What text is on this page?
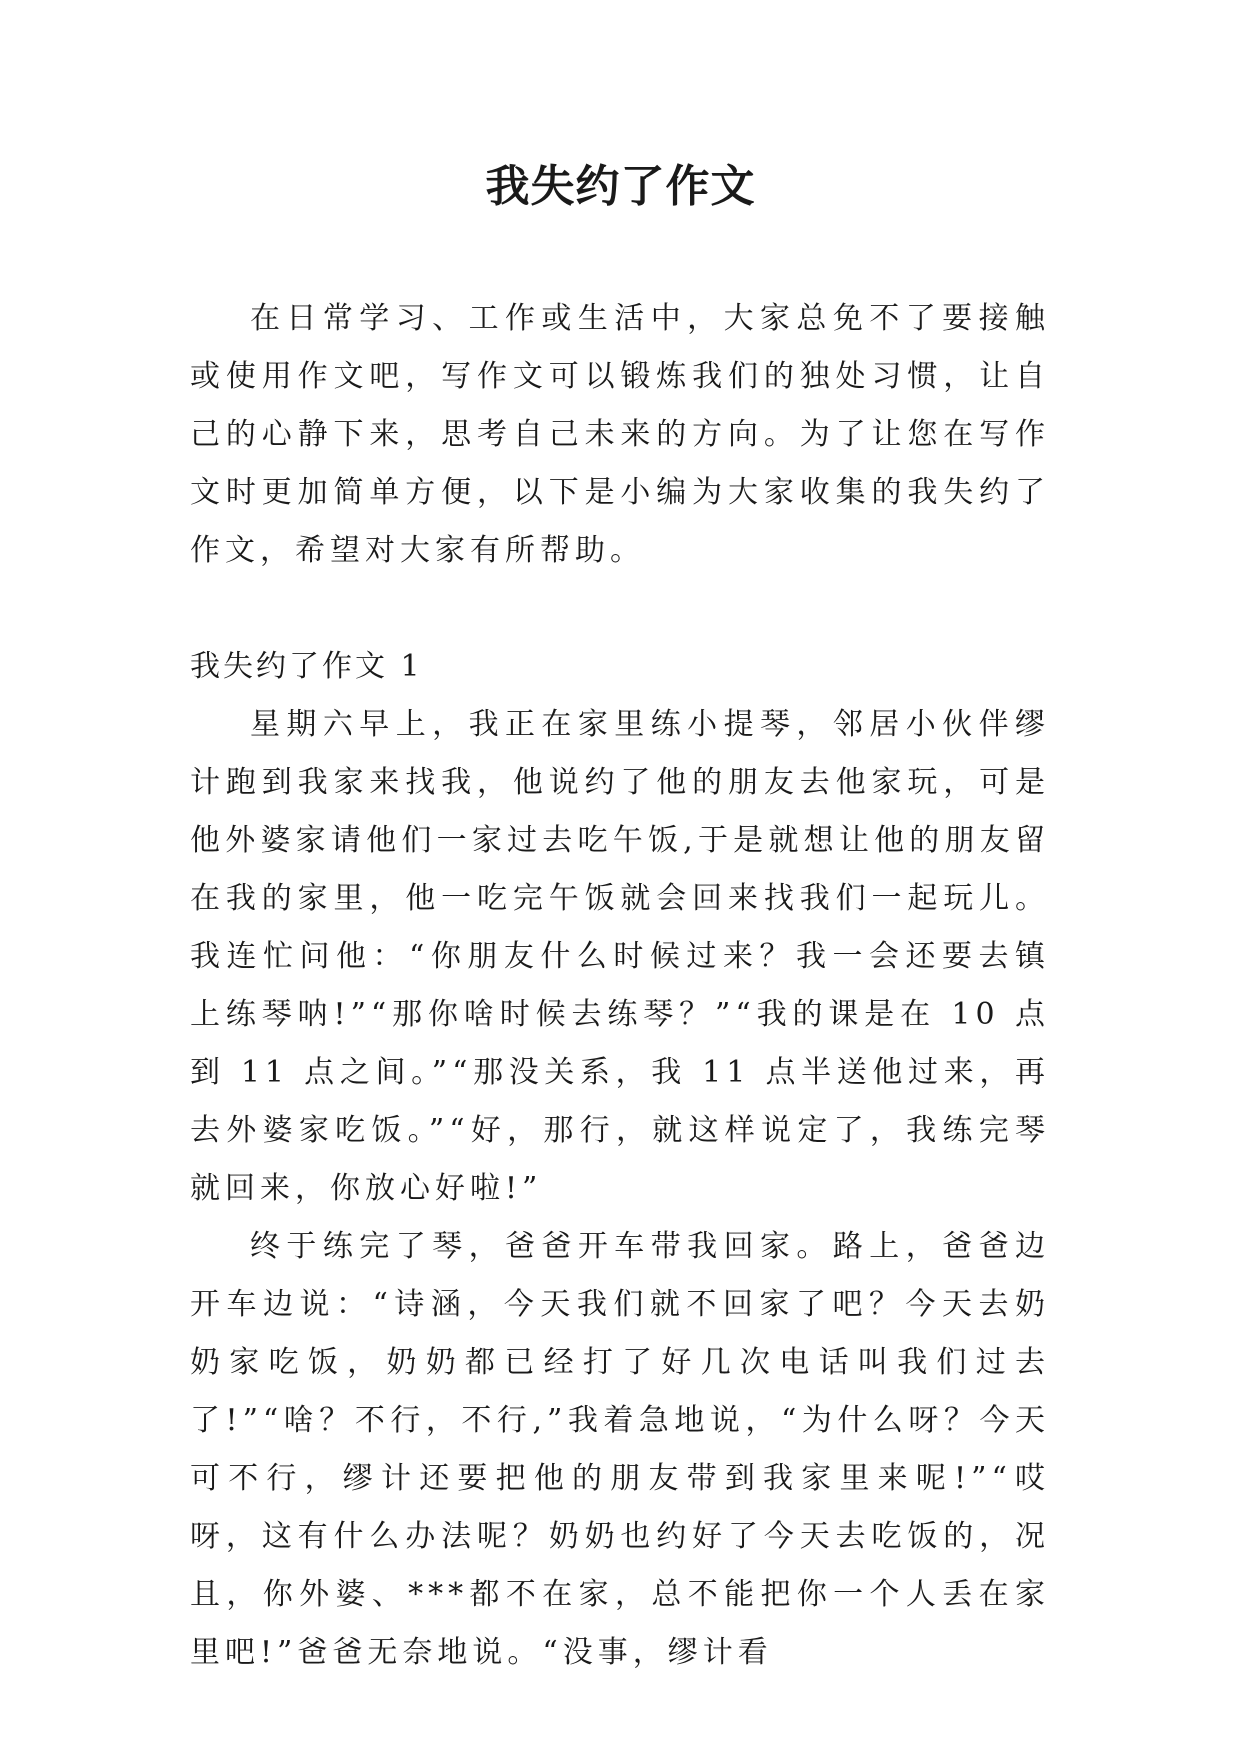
我失约了作文

在日常学习、工作或生活中，大家总免不了要接触或使用作文吧，写作文可以锻炼我们的独处习惯，让自己的心静下来，思考自己未来的方向。为了让您在写作文时更加简单方便，以下是小编为大家收集的我失约了作文，希望对大家有所帮助。

我失约了作文 1

星期六早上，我正在家里练小提琴，邻居小伙伴缪计跑到我家来找我，他说约了他的朋友去他家玩，可是他外婆家请他们一家过去吃午饭,于是就想让他的朋友留在我的家里，他一吃完午饭就会回来找我们一起玩儿。我连忙问他：“你朋友什么时候过来？我一会还要去镇上练琴呐!”“那你啥时候去练琴？”“我的课是在 10 点到 11 点之间。”“那没关系，我 11 点半送他过来，再去外婆家吃饭。”“好，那行，就这样说定了，我练完琴就回来，你放心好啦!”

终于练完了琴，爸爸开车带我回家。路上，爸爸边开车边说：“诗涵，今天我们就不回家了吧？今天去奶奶家吃饭，奶奶都已经打了好几次电话叫我们过去了!”“啥？不行，不行,”我着急地说，“为什么呀？今天可不行，缪计还要把他的朋友带到我家里来呢!”“哎呀，这有什么办法呢？奶奶也约好了今天去吃饭的，况且，你外婆、***都不在家，总不能把你一个人丢在家里吧!”爸爸无奈地说。“没事，缪计看
